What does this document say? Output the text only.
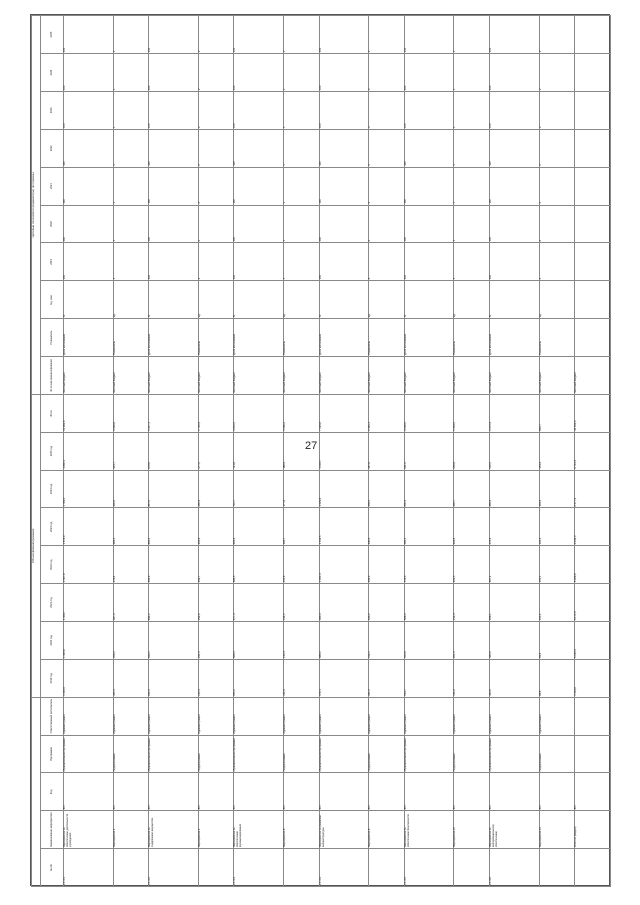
27
					Объем финансирования								Целевые показатели (индикаторы) программы									
№ п/п	Наименование мероприятия	Код	Программа	Ответственный исполнитель	2019 год	2020 год	2021 год	2022 год	2023 год	2024 год	2025 год	Итого	Источник финансирования	Показатель	Ед. изм.	2019	2020	2021	2022	2023	2024	2025
1.1.4.1	Мероприятие по обеспечению деятельности учреждения	807	Муниципальная программа	Администрация	1 234,5	1 345,6	1 456,7	1 567,8	1 678,9	1 789,0	1 890,1	10 962,6	Местный бюджет	Доля исполнения	%	100	100	100	100	100	100	100
	Мероприятие 2	807	Подпрограмма	Администрация	345,1	356,2	367,3	378,4	389,5	390,6	401,7	2 628,8	Местный бюджет	Показатель	ед.	1	1	1	1	1	1	1
1.1.4.2	Мероприятие по содержанию имущества	807	Муниципальная программа	Администрация	812,0	823,1	834,2	845,3	856,4	867,5	878,6	5 917,1	Местный бюджет	Доля исполнения	%	100	100	100	100	100	100	100
	Мероприятие 4	807	Подпрограмма	Администрация	210,4	221,5	232,6	243,7	254,8	265,9	277,0	1 705,9	Местный бюджет	Показатель	ед.	2	2	2	2	2	2	2
1.1.4.3	Мероприятие по обеспечению функционирования	807	Муниципальная программа	Администрация	655,2	666,3	677,4	688,5	699,6	710,7	721,8	4 819,5	Местный бюджет	Доля исполнения	%	100	100	100	100	100	100	100
	Мероприятие 6	807	Подпрограмма	Администрация	122,3	133,4	144,5	155,6	166,7	177,8	188,9	1 089,2	Местный бюджет	Показатель	ед.	1	1	1	1	1	1	1
1.1.4.4	Мероприятие по развитию инфраструктуры	807	Муниципальная программа	Администрация	978,1	989,2	990,3	1 001,4	1 012,5	1 023,6	1 034,7	7 029,8	Местный бюджет	Доля исполнения	%	100	100	100	100	100	100	100
	Мероприятие 8	807	Подпрограмма	Администрация	301,0	312,1	323,2	334,3	345,4	356,5	367,6	2 340,1	Местный бюджет	Показатель	ед.	3	3	3	3	3	3	3
1.1.4.5	Мероприятие по обеспечению безопасности	807	Муниципальная программа	Администрация	544,7	555,8	566,9	578,0	589,1	600,2	611,3	4 046,0	Местный бюджет	Доля исполнения	%	100	100	100	100	100	100	100
	Мероприятие 10	807	Подпрограмма	Администрация	190,2	201,3	212,4	223,5	234,6	245,7	256,8	1 564,5	Местный бюджет	Показатель	ед.	1	1	1	1	1	1	1
1.1.4.6	Мероприятие по информационному обеспечению	807	Муниципальная программа	Администрация	433,9	445,0	456,1	467,2	478,3	489,4	500,5	3 270,4	Местный бюджет	Доля исполнения	%	100	100	100	100	100	100	100
	Мероприятие 12	807	Подпрограмма	Администрация	88,8	99,9	110,0	121,1	132,2	143,3	154,4	849,7	Местный бюджет	Показатель	ед.	2	2	2	2	2	2	2
	Итого по разделу	807			5 904,0	6 049,4	6 171,6	6 306,8	6 442,0	6 577,2	6 712,4	44 163,4	Местный бюджет									
